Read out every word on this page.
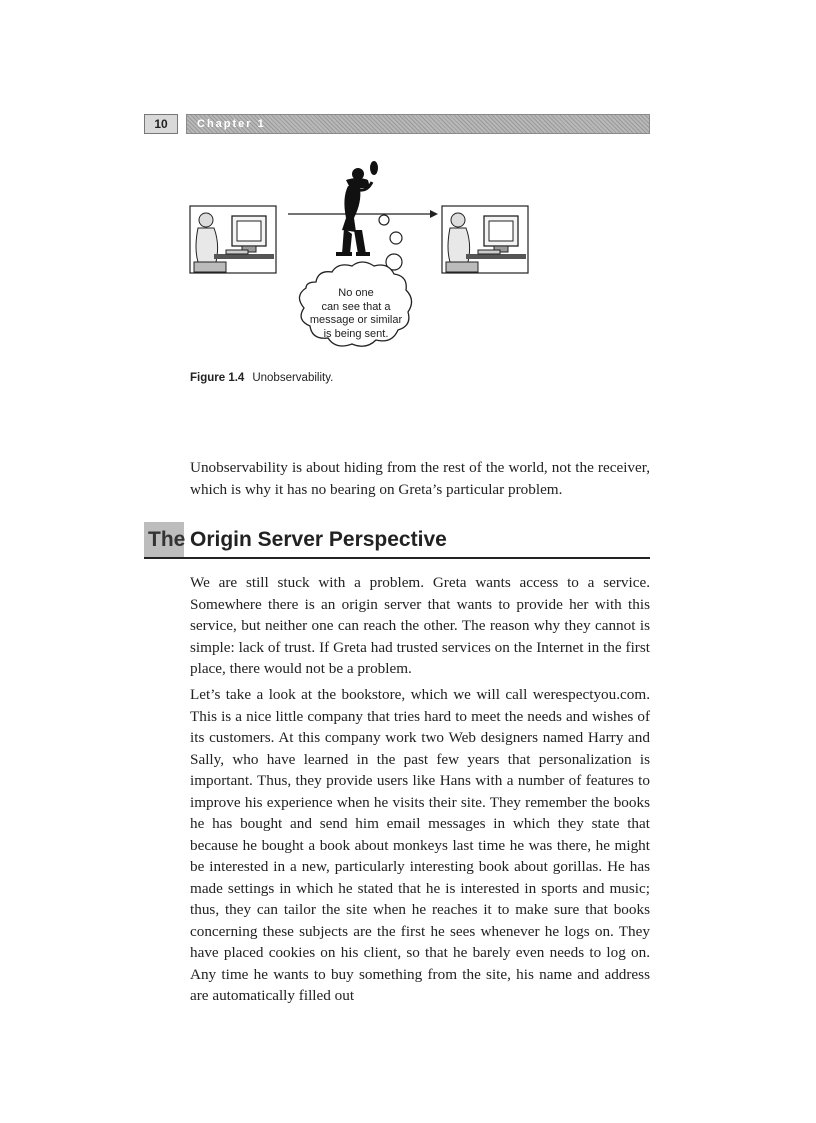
10	Chapter 1
No one
can see that a
message or similar
is being sent.
Figure 1.4 Unobservability.

Unobservability is about hiding from the rest of the world, not the receiver, which is why it has no bearing on Greta’s particular problem.

The Origin Server Perspective

We are still stuck with a problem. Greta wants access to a service. Somewhere there is an origin server that wants to provide her with this service, but neither one can reach the other. The reason why they cannot is simple: lack of trust. If Greta had trusted services on the Internet in the first place, there would not be a problem.

Let’s take a look at the bookstore, which we will call werespectyou.com. This is a nice little company that tries hard to meet the needs and wishes of its customers. At this company work two Web designers named Harry and Sally, who have learned in the past few years that personalization is important. Thus, they provide users like Hans with a number of features to improve his experience when he visits their site. They remember the books he has bought and send him email messages in which they state that because he bought a book about monkeys last time he was there, he might be interested in a new, particularly interesting book about gorillas. He has made settings in which he stated that he is interested in sports and music; thus, they can tailor the site when he reaches it to make sure that books concerning these subjects are the first he sees whenever he logs on. They have placed cookies on his client, so that he barely even needs to log on. Any time he wants to buy something from the site, his name and address are automatically filled out
